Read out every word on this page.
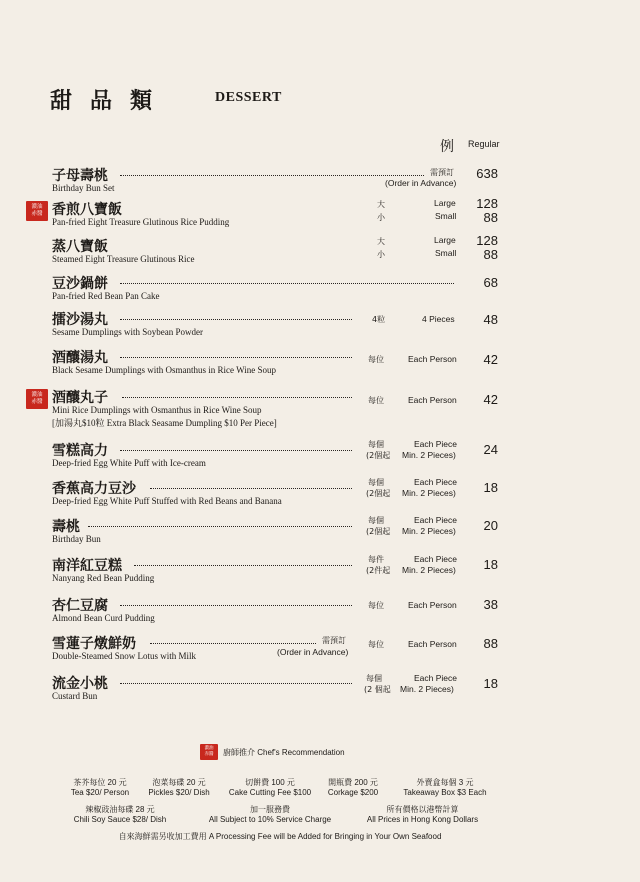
甜品類	DESSERT
例 Regular
子母壽桃
Birthday Bun Set
需預訂
(Order in Advance)
638
濃油
赤醬 香煎八寶飯
Pan-fried Eight Treasure Glutinous Rice Pudding
大	Large	128
小	Small	88
蒸八寶飯
Steamed Eight Treasure Glutinous Rice
大	Large	128
小	Small	88
豆沙鍋餅
Pan-fried Red Bean Pan Cake
68
擂沙湯丸
Sesame Dumplings with Soybean Powder
4粒	4 Pieces	48
酒釀湯丸
Black Sesame Dumplings with Osmanthus in Rice Wine Soup
每位	Each Person	42
濃油
赤醬 酒釀丸子
Mini Rice Dumplings with Osmanthus in Rice Wine Soup
[加湯丸$10粒 Extra Black Seasame Dumpling $10 Per Piece]
每位	Each Person	42
雪糕高力
Deep-fried Egg White Puff with Ice-cream
每個	Each Piece
(2個起 Min. 2 Pieces)	24
香蕉高力豆沙
Deep-fried Egg White Puff Stuffed with Red Beans and Banana
每個	Each Piece
(2個起 Min. 2 Pieces)	18
壽桃
Birthday Bun
每個	Each Piece
(2個起 Min. 2 Pieces)	20
南洋紅豆糕
Nanyang Red Bean Pudding
每件	Each Piece
(2件起 Min. 2 Pieces)	18
杏仁豆腐
Almond Bean Curd Pudding
每位	Each Person	38
雪蓮子燉鮮奶
Double-Steamed Snow Lotus with Milk
需預訂
(Order in Advance)
每位	Each Person	88
流金小桃
Custard Bun
每個	Each Piece
(2 個起 Min. 2 Pieces)	18
濃油
赤醬	廚師推介 Chef's Recommendation
茶芥每位 20 元
Tea $20/ Person
泡菜每碟 20 元
Pickles $20/ Dish
切餅費 100 元
Cake Cutting Fee $100
開瓶費 200 元
Corkage $200
外賣盒每個 3 元
Takeaway Box $3 Each
辣椒豉油每碟 28 元
Chili Soy Sauce $28/ Dish
加一服務費
All Subject to 10% Service Charge
所有價格以港幣計算
All Prices in Hong Kong Dollars
自來海鮮需另收加工費用 A Processing Fee will be Added for Bringing in Your Own Seafood
